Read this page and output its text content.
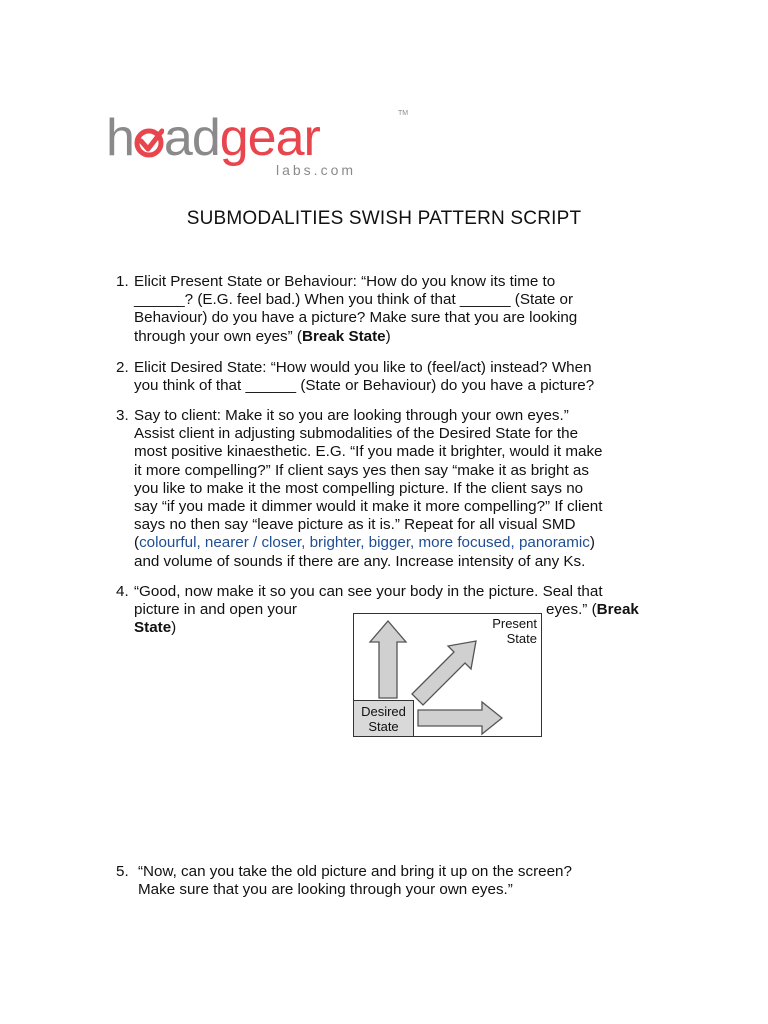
h adgear
labs.com
TM
SUBMODALITIES SWISH PATTERN SCRIPT
1. Elicit Present State or Behaviour: “How do you know its time to
______? (E.G. feel bad.) When you think of that ______ (State or
Behaviour) do you have a picture? Make sure that you are looking
through your own eyes” (Break State)
2. Elicit Desired State: “How would you like to (feel/act) instead? When
you think of that ______ (State or Behaviour) do you have a picture?
3. Say to client: Make it so you are looking through your own eyes.”
Assist client in adjusting submodalities of the Desired State for the
most positive kinaesthetic. E.G. “If you made it brighter, would it make
it more compelling?” If client says yes then say “make it as bright as
you like to make it the most compelling picture. If the client says no
say “if you made it dimmer would it make it more compelling?” If client
says no then say “leave picture as it is.” Repeat for all visual SMD
(colourful, nearer / closer, brighter, bigger, more focused, panoramic)
and volume of sounds if there are any. Increase intensity of any Ks.
4. “Good, now make it so you can see your body in the picture. Seal that
picture in and open your	eyes.” (Break
State)	Present
State
Desired
State
5. “Now, can you take the old picture and bring it up on the screen?
Make sure that you are looking through your own eyes.”
